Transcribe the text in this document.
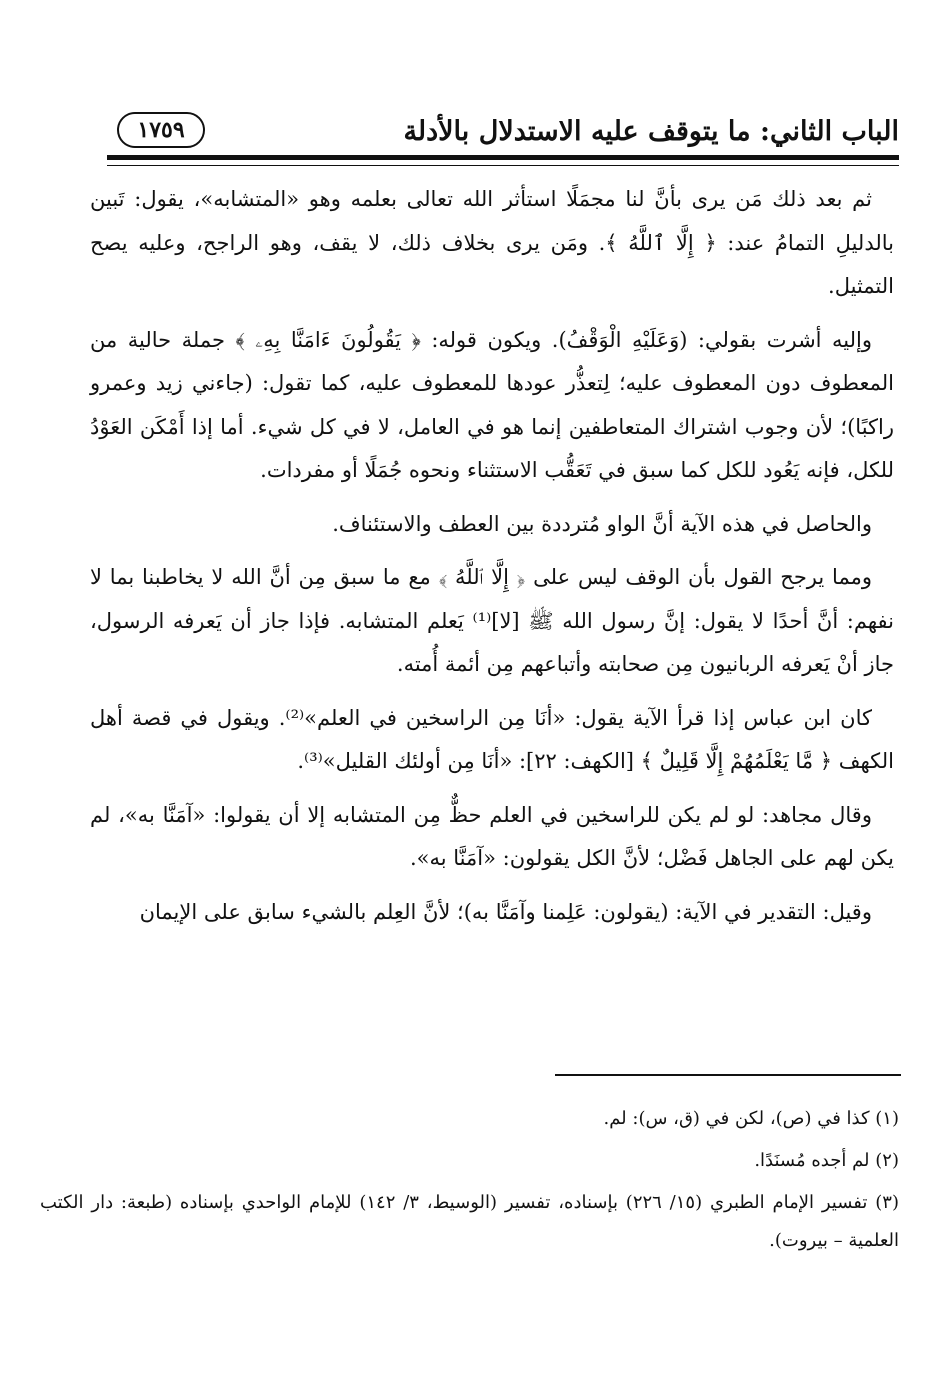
الباب الثاني: ما يتوقف عليه الاستدلال بالأدلة
١٧٥٩

ثم بعد ذلك مَن يرى بأنَّ لنا مجمَلًا استأثر الله تعالى بعلمه وهو «المتشابه»، يقول: تَبين بالدليلِ التمامُ عند: ﴿ إِلَّا ٱللَّهُ ﴾. ومَن يرى بخلاف ذلك، لا يقف، وهو الراجح، وعليه يصح التمثيل.

وإليه أشرت بقولي: (وَعَلَيْهِ الْوَقْفُ). ويكون قوله: ﴿ يَقُولُونَ ءَامَنَّا بِهِۦ ﴾ جملة حالية من المعطوف دون المعطوف عليه؛ لِتعذُّر عودها للمعطوف عليه، كما تقول: (جاءني زيد وعمرو راكبًا)؛ لأن وجوب اشتراك المتعاطفين إنما هو في العامل، لا في كل شيء. أما إذا أَمْكَن العَوْدُ للكل، فإنه يَعُود للكل كما سبق في تَعَقُّب الاستثناء ونحوه جُمَلًا أو مفردات.

والحاصل في هذه الآية أنَّ الواو مُترددة بين العطف والاستئناف.

ومما يرجح القول بأن الوقف ليس على ﴿ إِلَّا ٱللَّهُ ﴾ مع ما سبق مِن أنَّ الله لا يخاطبنا بما لا نفهم: أنَّ أحدًا لا يقول: إنَّ رسول الله ﷺ [لا]⁽¹⁾ يَعلم المتشابه. فإذا جاز أن يَعرفه الرسول، جاز أنْ يَعرفه الربانيون مِن صحابته وأتباعهم مِن أئمة أُمته.

كان ابن عباس إذا قرأ الآية يقول: «أنَا مِن الراسخين في العلم»⁽²⁾. ويقول في قصة أهل الكهف ﴿ مَّا يَعْلَمُهُمْ إِلَّا قَلِيلٌ ﴾ [الكهف: ٢٢]: «أنَا مِن أولئك القليل»⁽³⁾.

وقال مجاهد: لو لم يكن للراسخين في العلم حظٌّ مِن المتشابه إلا أن يقولوا: «آمَنَّا به»، لم يكن لهم على الجاهل فَضْل؛ لأنَّ الكل يقولون: «آمَنَّا به».

وقيل: التقدير في الآية: (يقولون: عَلِمنا وآمَنَّا به)؛ لأنَّ العِلم بالشيء سابق على الإيمان

(١) كذا في (ص)، لكن في (ق، س): لم.

(٢) لم أجده مُسنَدًا.

(٣) تفسير الإمام الطبري (١٥/ ٢٢٦) بإسناده، تفسير (الوسيط، ٣/ ١٤٢) للإمام الواحدي بإسناده (طبعة: دار الكتب العلمية – بيروت).
